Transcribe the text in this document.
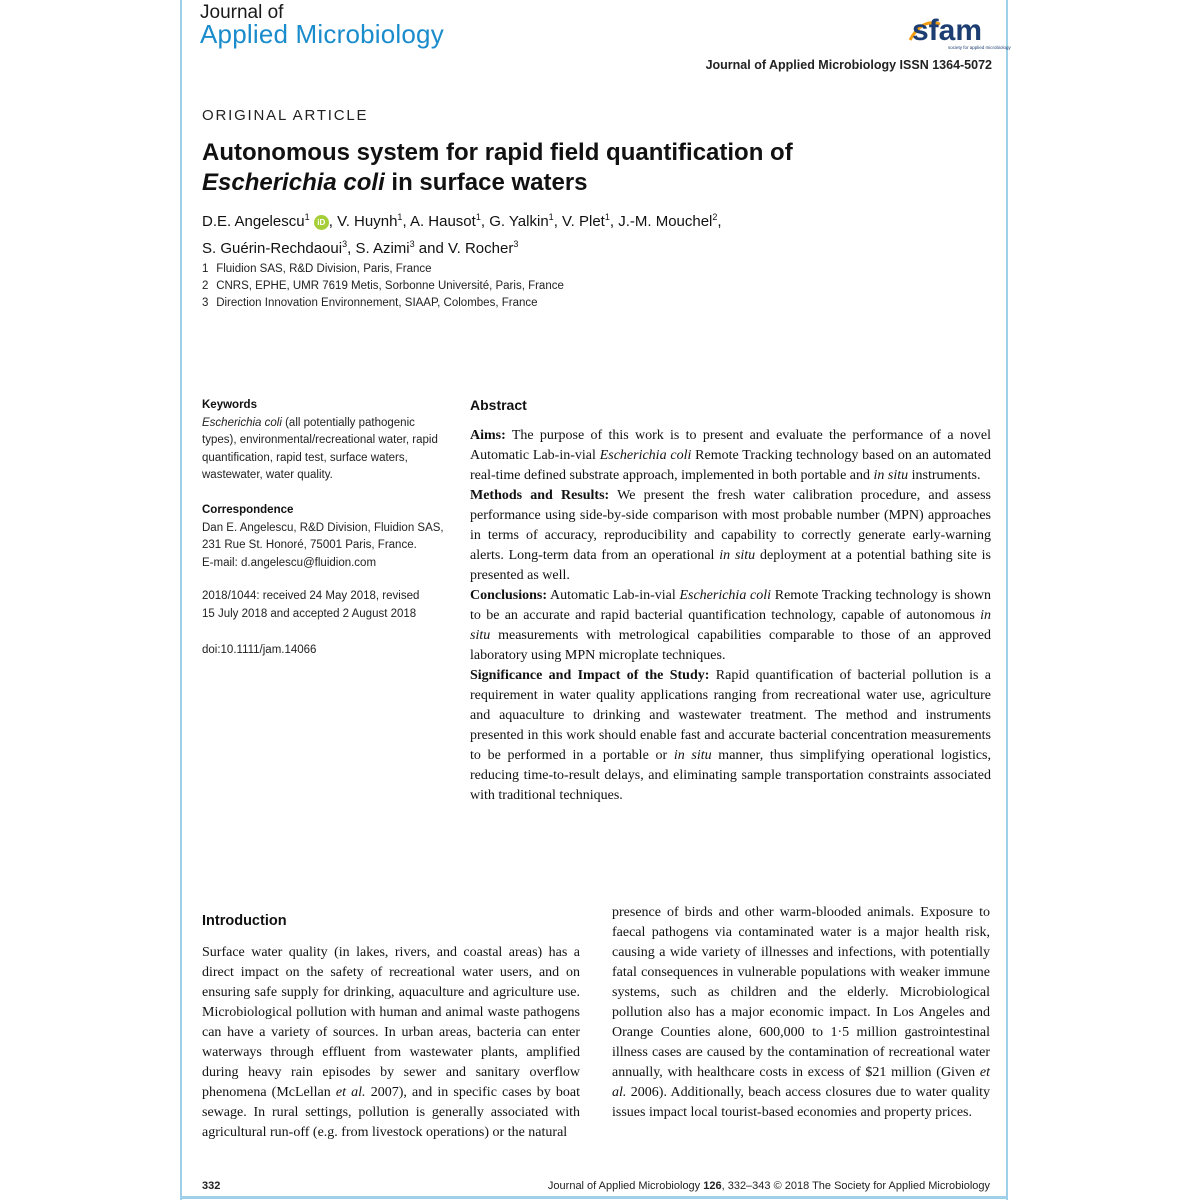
Journal of
Applied Microbiology	sfam
society for applied microbiology
Journal of Applied Microbiology ISSN 1364-5072
ORIGINAL ARTICLE
Autonomous system for rapid field quantification of
Escherichia coli in surface waters
D.E. Angelescu$^1$ iD , V. Huynh$^1$, A. Hausot$^1$, G. Yalkin$^1$, V. Plet$^1$, J.-M. Mouchel$^2$,
S. Guérin-Rechdaoui$^3$, S. Azimi$^3$ and V. Rocher$^3$
1 Fluidion SAS, R&D Division, Paris, France
2 CNRS, EPHE, UMR 7619 Metis, Sorbonne Université, Paris, France
3 Direction Innovation Environnement, SIAAP, Colombes, France
Keywords

Escherichia coli (all potentially pathogenic types), environmental/recreational water, rapid quantification, rapid test, surface waters, wastewater, water quality.

Correspondence

Dan E. Angelescu, R&D Division, Fluidion SAS,

231 Rue St. Honoré, 75001 Paris, France.

E-mail: d.angelescu@fluidion.com

2018/1044: received 24 May 2018, revised

15 July 2018 and accepted 2 August 2018

doi:10.1111/jam.14066

Abstract

Aims: The purpose of this work is to present and evaluate the performance of a novel Automatic Lab-in-vial Escherichia coli Remote Tracking technology based on an automated real-time defined substrate approach, implemented in both portable and in situ instruments.

Methods and Results: We present the fresh water calibration procedure, and assess performance using side-by-side comparison with most probable number (MPN) approaches in terms of accuracy, reproducibility and capability to correctly generate early-warning alerts. Long-term data from an operational in situ deployment at a potential bathing site is presented as well.

Conclusions: Automatic Lab-in-vial Escherichia coli Remote Tracking technology is shown to be an accurate and rapid bacterial quantification technology, capable of autonomous in situ measurements with metrological capabilities comparable to those of an approved laboratory using MPN microplate techniques.

Significance and Impact of the Study: Rapid quantification of bacterial pollution is a requirement in water quality applications ranging from recreational water use, agriculture and aquaculture to drinking and wastewater treatment. The method and instruments presented in this work should enable fast and accurate bacterial concentration measurements to be performed in a portable or in situ manner, thus simplifying operational logistics, reducing time-to-result delays, and eliminating sample transportation constraints associated with traditional techniques.

Introduction

Surface water quality (in lakes, rivers, and coastal areas) has a direct impact on the safety of recreational water users, and on ensuring safe supply for drinking, aquaculture and agriculture use. Microbiological pollution with human and animal waste pathogens can have a variety of sources. In urban areas, bacteria can enter waterways through effluent from wastewater plants, amplified during heavy rain episodes by sewer and sanitary overflow phenomena (McLellan et al. 2007), and in specific cases by boat sewage. In rural settings, pollution is generally associated with agricultural run-off (e.g. from livestock operations) or the natural

presence of birds and other warm-blooded animals. Exposure to faecal pathogens via contaminated water is a major health risk, causing a wide variety of illnesses and infections, with potentially fatal consequences in vulnerable populations with weaker immune systems, such as children and the elderly. Microbiological pollution also has a major economic impact. In Los Angeles and Orange Counties alone, 600,000 to 1·5 million gastrointestinal illness cases are caused by the contamination of recreational water annually, with healthcare costs in excess of $21 million (Given et al. 2006). Additionally, beach access closures due to water quality issues impact local tourist-based economies and property prices.

332	Journal of Applied Microbiology 126, 332–343 © 2018 The Society for Applied Microbiology
